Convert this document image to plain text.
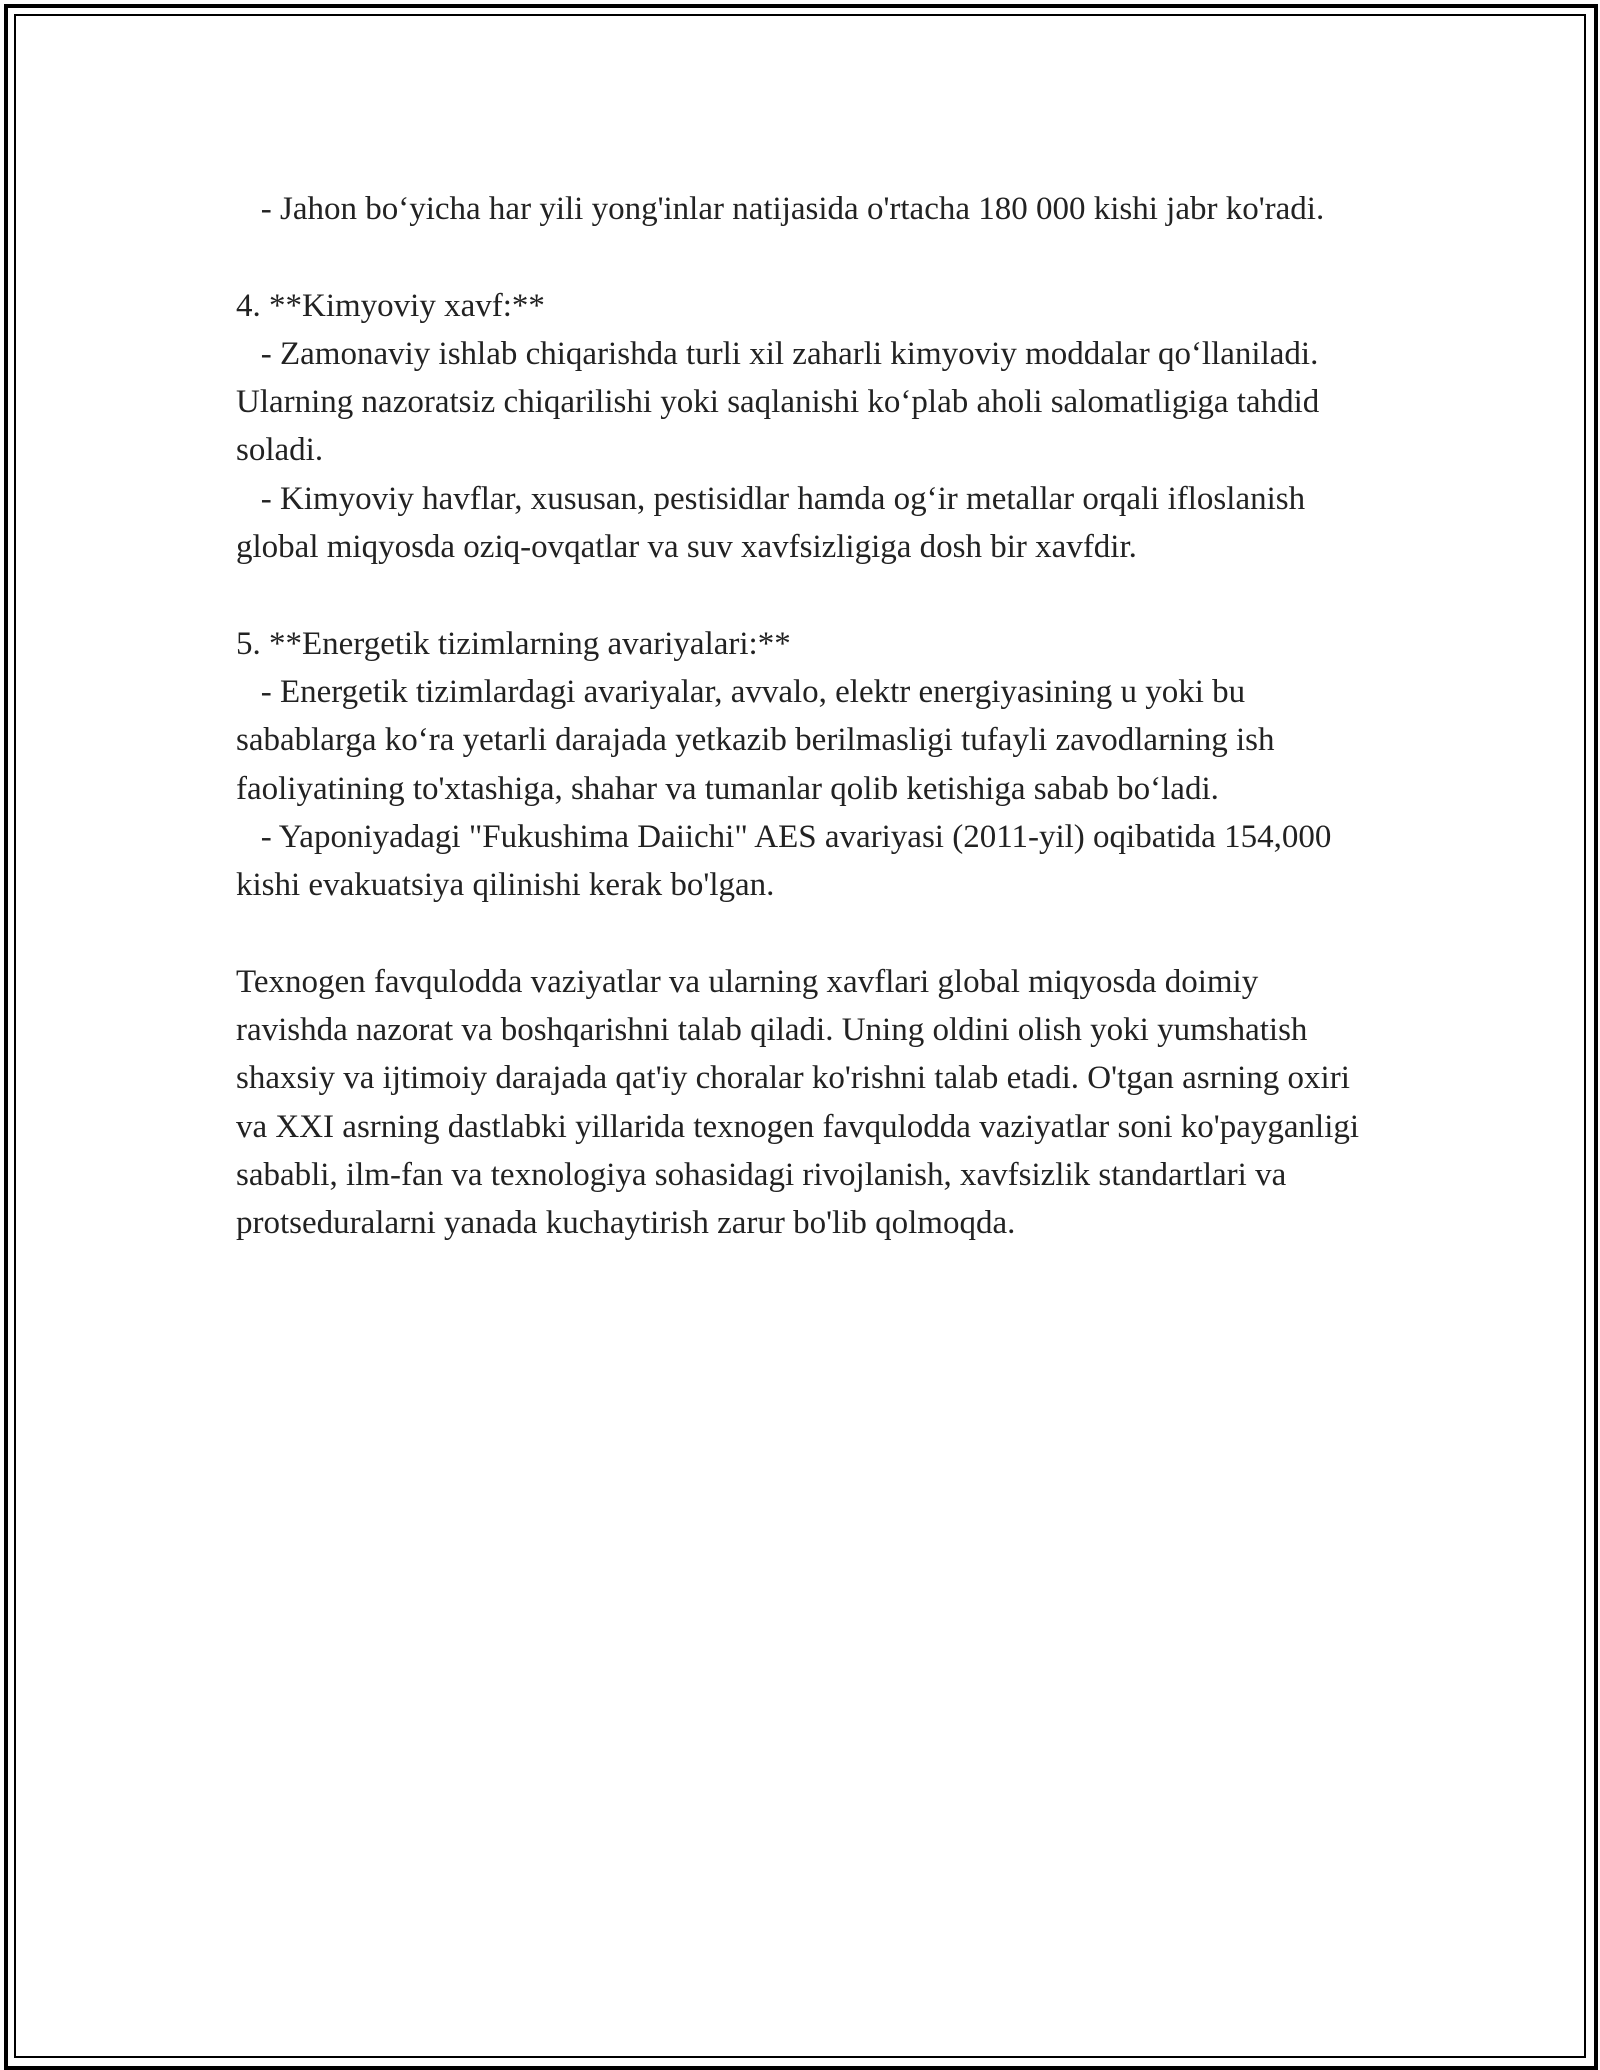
- Jahon bo‘yicha har yili yong'inlar natijasida o'rtacha 180 000 kishi jabr ko'radi.

4. **Kimyoviy xavf:**

- Zamonaviy ishlab chiqarishda turli xil zaharli kimyoviy moddalar qo‘llaniladi. Ularning nazoratsiz chiqarilishi yoki saqlanishi ko‘plab aholi salomatligiga tahdid soladi.

- Kimyoviy havflar, xususan, pestisidlar hamda og‘ir metallar orqali ifloslanish global miqyosda oziq-ovqatlar va suv xavfsizligiga dosh bir xavfdir.

5. **Energetik tizimlarning avariyalari:**

- Energetik tizimlardagi avariyalar, avvalo, elektr energiyasining u yoki bu sabablarga ko‘ra yetarli darajada yetkazib berilmasligi tufayli zavodlarning ish faoliyatining to'xtashiga, shahar va tumanlar qolib ketishiga sabab bo‘ladi.

- Yaponiyadagi "Fukushima Daiichi" AES avariyasi (2011-yil) oqibatida 154,000 kishi evakuatsiya qilinishi kerak bo'lgan.

Texnogen favqulodda vaziyatlar va ularning xavflari global miqyosda doimiy ravishda nazorat va boshqarishni talab qiladi. Uning oldini olish yoki yumshatish shaxsiy va ijtimoiy darajada qat'iy choralar ko'rishni talab etadi. O'tgan asrning oxiri va XXI asrning dastlabki yillarida texnogen favqulodda vaziyatlar soni ko'payganligi sababli, ilm-fan va texnologiya sohasidagi rivojlanish, xavfsizlik standartlari va protseduralarni yanada kuchaytirish zarur bo'lib qolmoqda.
